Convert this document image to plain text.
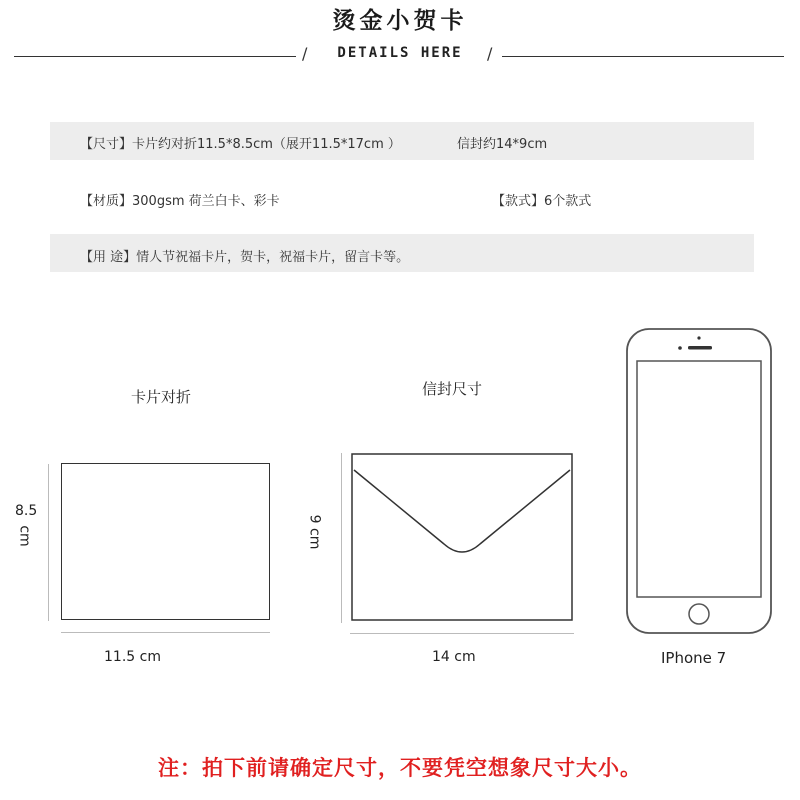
烫金小贺卡
/	DETAILS HERE	/
【尺寸】卡片约对折11.5*8.5cm（展开11.5*17cm ）	信封约14*9cm
【材质】300gsm 荷兰白卡、彩卡	【款式】6个款式
【用 途】情人节祝福卡片，贺卡，祝福卡片，留言卡等。
卡片对折
8.5
cm
11.5 cm
信封尺寸
9 cm
14 cm	IPhone 7
注：拍下前请确定尺寸，不要凭空想象尺寸大小。
